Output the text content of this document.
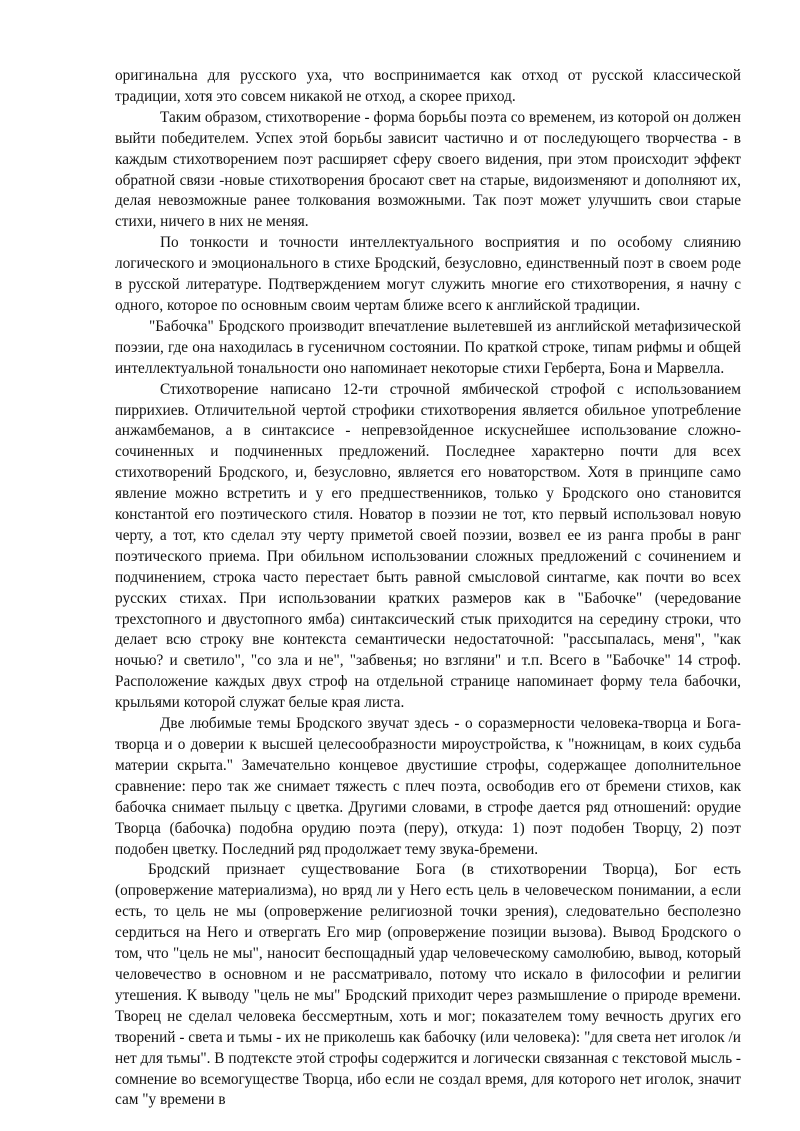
оригинальна для русского уха, что воспринимается как отход от русской классической традиции, хотя это совсем никакой не отход, а скорее приход.

Таким образом, стихотворение - форма борьбы поэта со временем, из которой он должен выйти победителем. Успех этой борьбы зависит частично и от последующего творчества - в каждым стихотворением поэт расширяет сферу своего видения, при этом происходит эффект обратной связи -новые стихотворения бросают свет на старые, видоизменяют и дополняют их, делая невозможные ранее толкования возможными. Так поэт может улучшить свои старые стихи, ничего в них не меняя.

По тонкости и точности интеллектуального восприятия и по особому слиянию логического и эмоционального в стихе Бродский, безусловно, единственный поэт в своем роде в русской литературе. Подтверждением могут служить многие его стихотворения, я начну с одного, которое по основным своим чертам ближе всего к английской традиции.

"Бабочка" Бродского производит впечатление вылетевшей из английской метафизической поэзии, где она находилась в гусеничном состоянии. По краткой строке, типам рифмы и общей интеллектуальной тональности оно напоминает некоторые стихи Герберта, Бона и Марвелла.

Стихотворение написано 12-ти строчной ямбической строфой с использованием пиррихиев. Отличительной чертой строфики стихотворения является обильное употребление анжамбеманов, а в синтаксисе - непревзойденное искуснейшее использование сложно-сочиненных и подчиненных предложений. Последнее характерно почти для всех стихотворений Бродского, и, безусловно, является его новаторством. Хотя в принципе само явление можно встретить и у его предшественников, только у Бродского оно становится константой его поэтического стиля. Новатор в поэзии не тот, кто первый использовал новую черту, а тот, кто сделал эту черту приметой своей поэзии, возвел ее из ранга пробы в ранг поэтического приема. При обильном использовании сложных предложений с сочинением и подчинением, строка часто перестает быть равной смысловой синтагме, как почти во всех русских стихах. При использовании кратких размеров как в "Бабочке" (чередование трехстопного и двустопного ямба) синтаксический стык приходится на середину строки, что делает всю строку вне контекста семантически недостаточной: "рассыпалась, меня", "как ночью? и светило", "со зла и не", "забвенья; но взгляни" и т.п. Всего в "Бабочке" 14 строф. Расположение каждых двух строф на отдельной странице напоминает форму тела бабочки, крыльями которой служат белые края листа.

Две любимые темы Бродского звучат здесь - о соразмерности человека-творца и Бога-творца и о доверии к высшей целесообразности мироустройства, к "ножницам, в коих судьба материи скрыта." Замечательно концевое двустишие строфы, содержащее дополнительное сравнение: перо так же снимает тяжесть с плеч поэта, освободив его от бремени стихов, как бабочка снимает пыльцу с цветка. Другими словами, в строфе дается ряд отношений: орудие Творца (бабочка) подобна орудию поэта (перу), откуда: 1) поэт подобен Творцу, 2) поэт подобен цветку. Последний ряд продолжает тему звука-бремени.

Бродский признает существование Бога (в стихотворении Творца), Бог есть (опровержение материализма), но вряд ли у Него есть цель в человеческом понимании, а если есть, то цель не мы (опровержение религиозной точки зрения), следовательно бесполезно сердиться на Него и отвергать Его мир (опровержение позиции вызова). Вывод Бродского о том, что "цель не мы", наносит беспощадный удар человеческому самолюбию, вывод, который человечество в основном и не рассматривало, потому что искало в философии и религии утешения. К выводу "цель не мы" Бродский приходит через размышление о природе времени. Творец не сделал человека бессмертным, хоть и мог; показателем тому вечность других его творений - света и тьмы - их не приколешь как бабочку (или человека): "для света нет иголок /и нет для тьмы". В подтексте этой строфы содержится и логически связанная с текстовой мысль - сомнение во всемогуществе Творца, ибо если не создал время, для которого нет иголок, значит сам "у времени в
